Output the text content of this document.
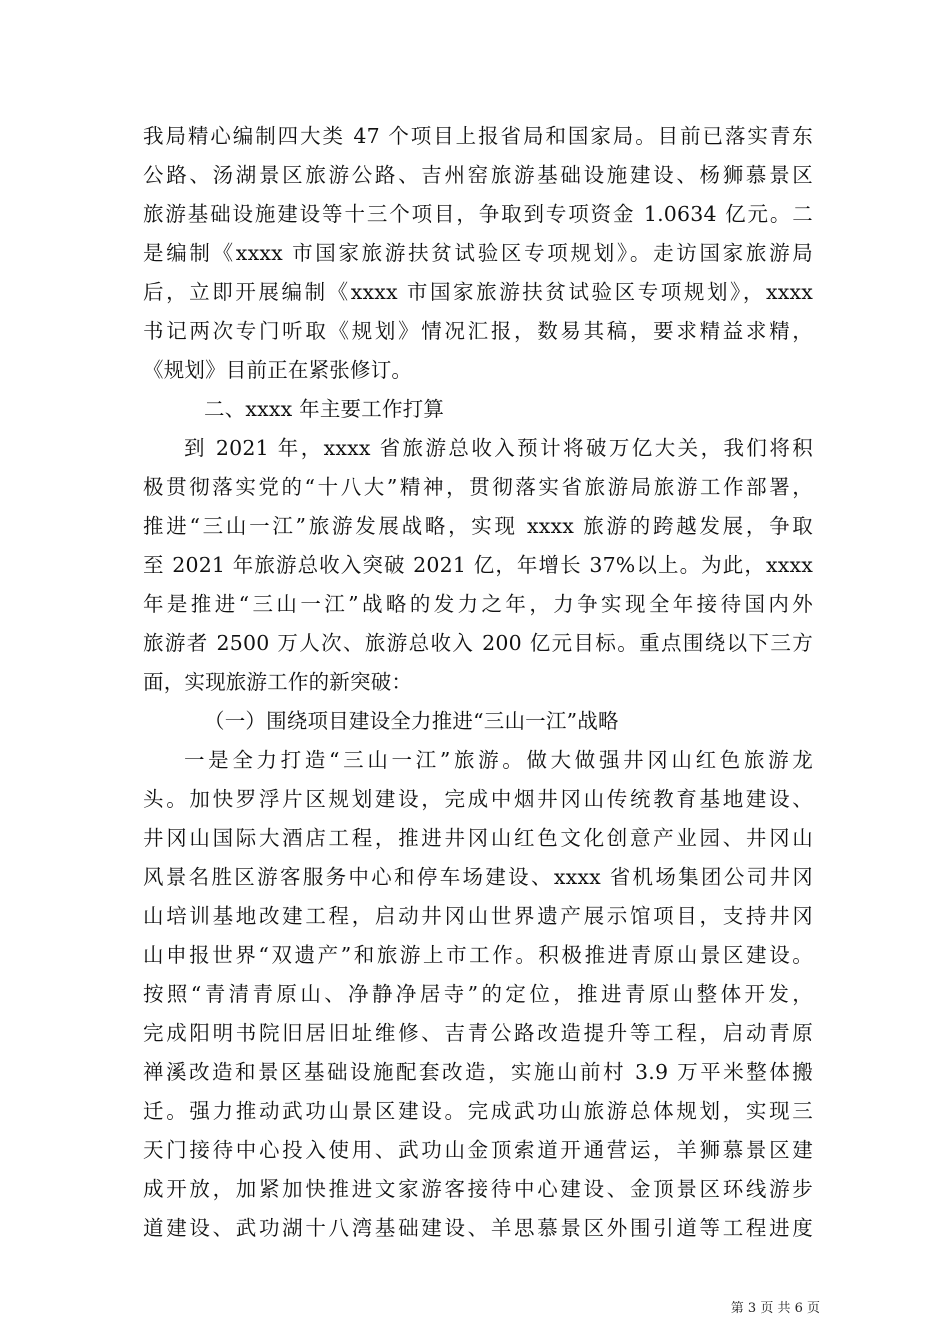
我局精心编制四大类 47 个项目上报省局和国家局。目前已落实青东
公路、汤湖景区旅游公路、吉州窑旅游基础设施建设、杨狮慕景区
旅游基础设施建设等十三个项目，争取到专项资金 1.0634 亿元。二
是编制《xxxx 市国家旅游扶贫试验区专项规划》。走访国家旅游局
后，立即开展编制《xxxx 市国家旅游扶贫试验区专项规划》，xxxx
书记两次专门听取《规划》情况汇报，数易其稿，要求精益求精，
《规划》目前正在紧张修订。
二、xxxx 年主要工作打算
到 2021 年，xxxx 省旅游总收入预计将破万亿大关，我们将积
极贯彻落实党的“十八大”精神，贯彻落实省旅游局旅游工作部署，
推进“三山一江”旅游发展战略，实现 xxxx 旅游的跨越发展，争取
至 2021 年旅游总收入突破 2021 亿，年增长 37%以上。为此，xxxx
年是推进“三山一江”战略的发力之年，力争实现全年接待国内外
旅游者 2500 万人次、旅游总收入 200 亿元目标。重点围绕以下三方
面，实现旅游工作的新突破：
（一）围绕项目建设全力推进“三山一江”战略
一是全力打造“三山一江”旅游。做大做强井冈山红色旅游龙
头。加快罗浮片区规划建设，完成中烟井冈山传统教育基地建设、
井冈山国际大酒店工程，推进井冈山红色文化创意产业园、井冈山
风景名胜区游客服务中心和停车场建设、xxxx 省机场集团公司井冈
山培训基地改建工程，启动井冈山世界遗产展示馆项目，支持井冈
山申报世界“双遗产”和旅游上市工作。积极推进青原山景区建设。
按照“青清青原山、净静净居寺”的定位，推进青原山整体开发，
完成阳明书院旧居旧址维修、吉青公路改造提升等工程，启动青原
禅溪改造和景区基础设施配套改造，实施山前村 3.9 万平米整体搬
迁。强力推动武功山景区建设。完成武功山旅游总体规划，实现三
天门接待中心投入使用、武功山金顶索道开通营运，羊狮慕景区建
成开放，加紧加快推进文家游客接待中心建设、金顶景区环线游步
道建设、武功湖十八湾基础建设、羊思慕景区外围引道等工程进度
第 3 页 共 6 页
